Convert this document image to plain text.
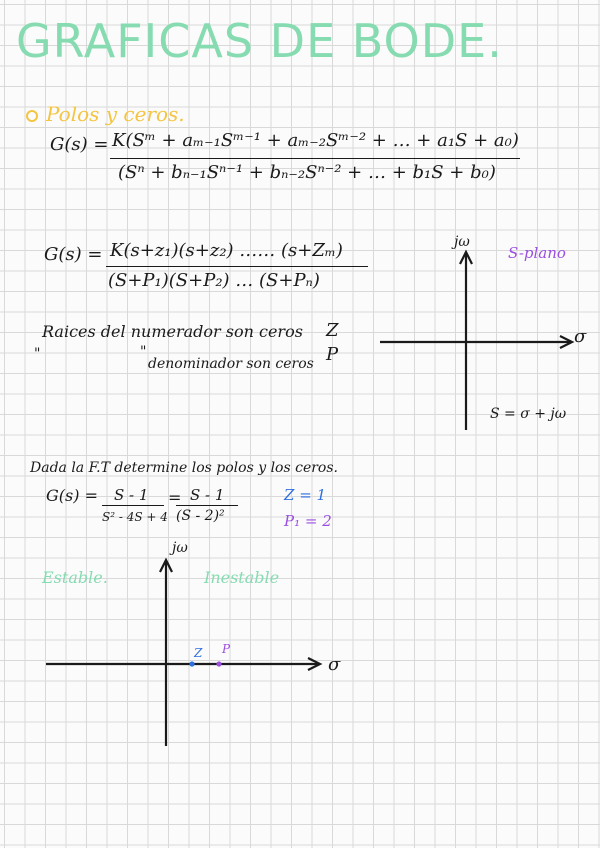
GRAFICAS DE BODE.
Polos y ceros.
G(s) = K(Sᵐ + aₘ₋₁Sᵐ⁻¹ + aₘ₋₂Sᵐ⁻² + … + a₁S + a₀)
(Sⁿ + bₙ₋₁Sⁿ⁻¹ + bₙ₋₂Sⁿ⁻² + … + b₁S + b₀)
G(s) = K(s+z₁)(s+z₂) …… (s+Zₘ)
(S+P₁)(S+P₂) … (S+Pₙ)
Raices del numerador son ceros Z
"	"
denominador son ceros P
jω
S-plano
σ
S = σ + jω
Dada la F.T determine los polos y los ceros.
G(s) = S - 1
S² - 4S + 4
= S - 1
(S - 2)²
Z = 1
P₁ = 2
jω
Estable.	Inestable
Z P
σ
